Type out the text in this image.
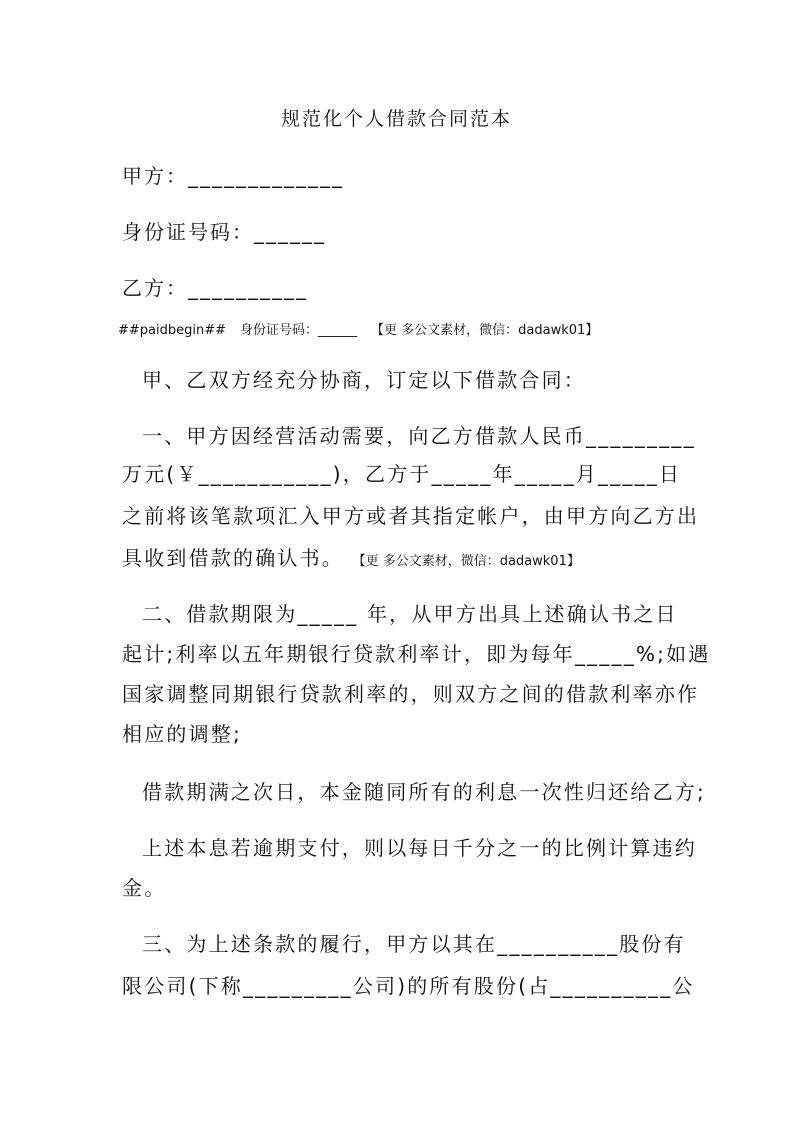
规范化个人借款合同范本
甲方：_____________
身份证号码：______
乙方：__________
##paidbegin## 身份证号码：______ 【更 多公文素材，微信：dadawk01】
甲、乙双方经充分协商，订定以下借款合同：
一、甲方因经营活动需要，向乙方借款人民币_________
万元(￥___________)，乙方于_____年_____月_____日
之前将该笔款项汇入甲方或者其指定帐户，由甲方向乙方出
具收到借款的确认书。 【更 多公文素材，微信：dadawk01】
二、借款期限为_____ 年，从甲方出具上述确认书之日
起计;利率以五年期银行贷款利率计，即为每年_____%;如遇
国家调整同期银行贷款利率的，则双方之间的借款利率亦作
相应的调整;
借款期满之次日，本金随同所有的利息一次性归还给乙方;
上述本息若逾期支付，则以每日千分之一的比例计算违约
金。
三、为上述条款的履行，甲方以其在__________股份有
限公司(下称_________公司)的所有股份(占__________公
